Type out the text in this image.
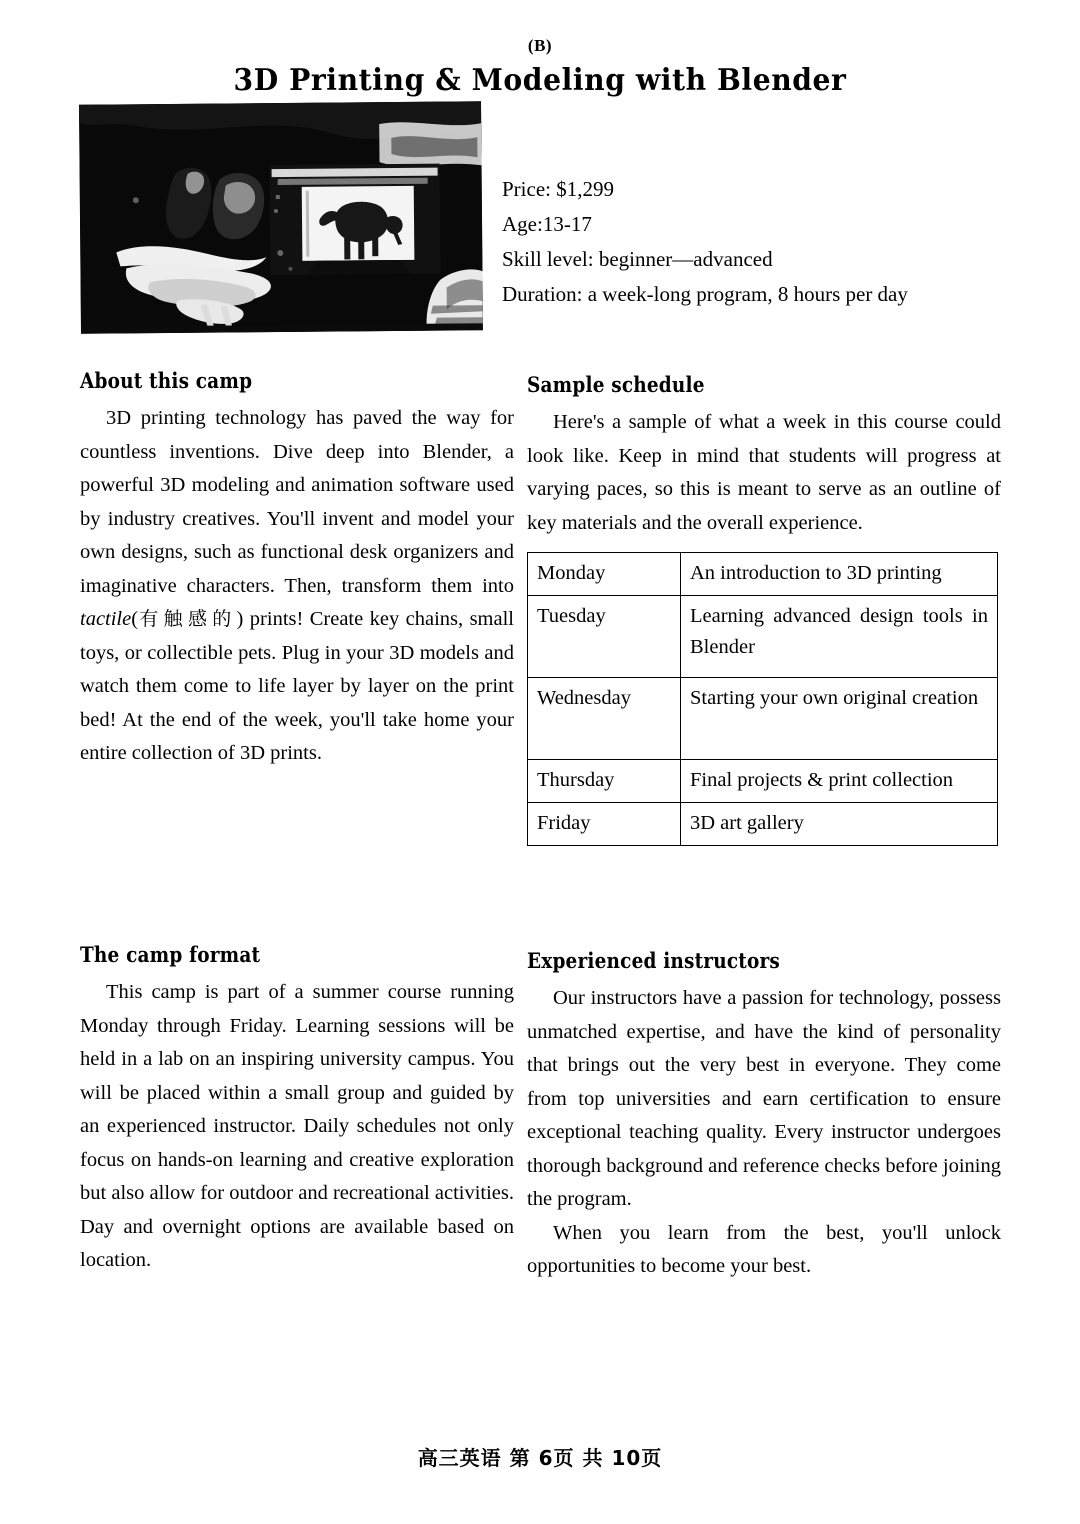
(B)
3D Printing & Modeling with Blender
Price: $1,299
Age:13-17
Skill level: beginner—advanced
Duration: a week-long program, 8 hours per day
About this camp

3D printing technology has paved the way for countless inventions. Dive deep into Blender, a powerful 3D modeling and animation software used by industry creatives. You'll invent and model your own designs, such as functional desk organizers and imaginative characters. Then, transform them into tactile(有触感的) prints! Create key chains, small toys, or collectible pets. Plug in your 3D models and watch them come to life layer by layer on the print bed! At the end of the week, you'll take home your entire collection of 3D prints.

Sample schedule

Here's a sample of what a week in this course could look like. Keep in mind that students will progress at varying paces, so this is meant to serve as an outline of key materials and the overall experience.

Monday	An introduction to 3D printing
Tuesday	Learning advanced design tools in Blender
Wednesday	Starting your own original creation
Thursday	Final projects & print collection
Friday	3D art gallery
The camp format

This camp is part of a summer course running Monday through Friday. Learning sessions will be held in a lab on an inspiring university campus. You will be placed within a small group and guided by an experienced instructor. Daily schedules not only focus on hands-on learning and creative exploration but also allow for outdoor and recreational activities. Day and overnight options are available based on location.

Experienced instructors

Our instructors have a passion for technology, possess unmatched expertise, and have the kind of personality that brings out the very best in everyone. They come from top universities and earn certification to ensure exceptional teaching quality. Every instructor undergoes thorough background and reference checks before joining the program.

When you learn from the best, you'll unlock opportunities to become your best.

高三英语 第 6页 共 10页
